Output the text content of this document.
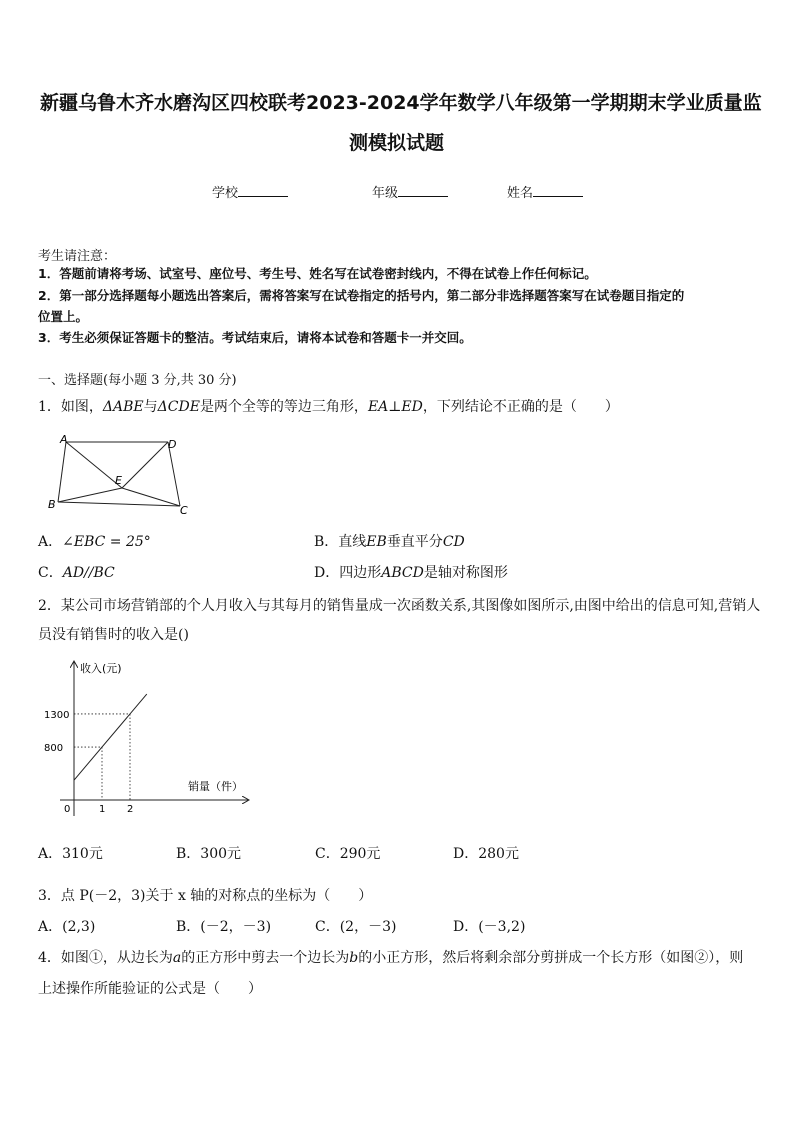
新疆乌鲁木齐水磨沟区四校联考2023-2024学年数学八年级第一学期期末学业质量监
测模拟试题
学校	年级	姓名
考生请注意：
1．答题前请将考场、试室号、座位号、考生号、姓名写在试卷密封线内，不得在试卷上作任何标记。
2．第一部分选择题每小题选出答案后，需将答案写在试卷指定的括号内，第二部分非选择题答案写在试卷题目指定的
位置上。
3．考生必须保证答题卡的整洁。考试结束后，请将本试卷和答题卡一并交回。
一、选择题(每小题 3 分,共 30 分)
1．如图，ΔABE与ΔCDE是两个全等的等边三角形，EA⊥ED，下列结论不正确的是（　　）
A	D
E
B	C
A．∠EBC = 25°	B．直线EB垂直平分CD
C．AD//BC	D．四边形ABCD是轴对称图形
2．某公司市场营销部的个人月收入与其每月的销售量成一次函数关系,其图像如图所示,由图中给出的信息可知,营销人
员没有销售时的收入是()
收入(元)
销量（件）
0	1
800
2
1300
A．310元	B．300元	C．290元	D．280元
3．点 P(－2，3)关于 x 轴的对称点的坐标为（　　）
A．(2,3)	B．(－2，－3)	C．(2，－3)	D．(－3,2)
4．如图①，从边长为a的正方形中剪去一个边长为b的小正方形，然后将剩余部分剪拼成一个长方形（如图②），则
上述操作所能验证的公式是（　　）
